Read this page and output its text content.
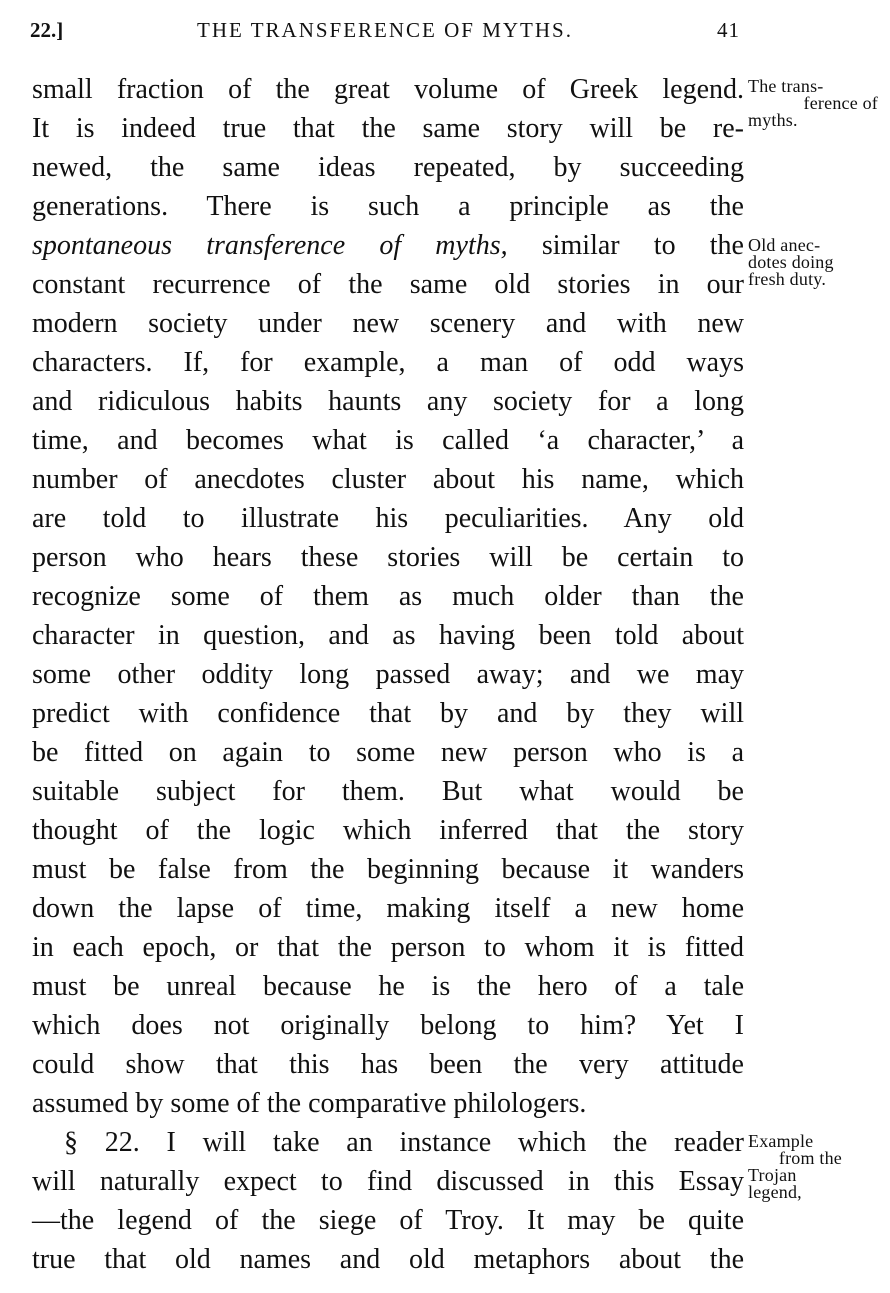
22.]	THE TRANSFERENCE OF MYTHS.	41
small fraction of the great volume of Greek legend.
It is indeed true that the same story will be re-
newed, the same ideas repeated, by succeeding
generations. There is such a principle as the
spontaneous transference of myths, similar to the
constant recurrence of the same old stories in our
modern society under new scenery and with new
characters. If, for example, a man of odd ways
and ridiculous habits haunts any society for a long
time, and becomes what is called ‘a character,’ a
number of anecdotes cluster about his name, which
are told to illustrate his peculiarities. Any old
person who hears these stories will be certain to
recognize some of them as much older than the
character in question, and as having been told about
some other oddity long passed away; and we may
predict with confidence that by and by they will
be fitted on again to some new person who is a
suitable subject for them. But what would be
thought of the logic which inferred that the story
must be false from the beginning because it wanders
down the lapse of time, making itself a new home
in each epoch, or that the person to whom it is fitted
must be unreal because he is the hero of a tale
which does not originally belong to him? Yet I
could show that this has been the very attitude
assumed by some of the comparative philologers.
§ 22. I will take an instance which the reader
will naturally expect to find discussed in this Essay
—the legend of the siege of Troy. It may be quite
true that old names and old metaphors about the
The trans-
ference of
myths.
Old anec-
dotes doing
fresh duty.
Example
from the
Trojan
legend,
